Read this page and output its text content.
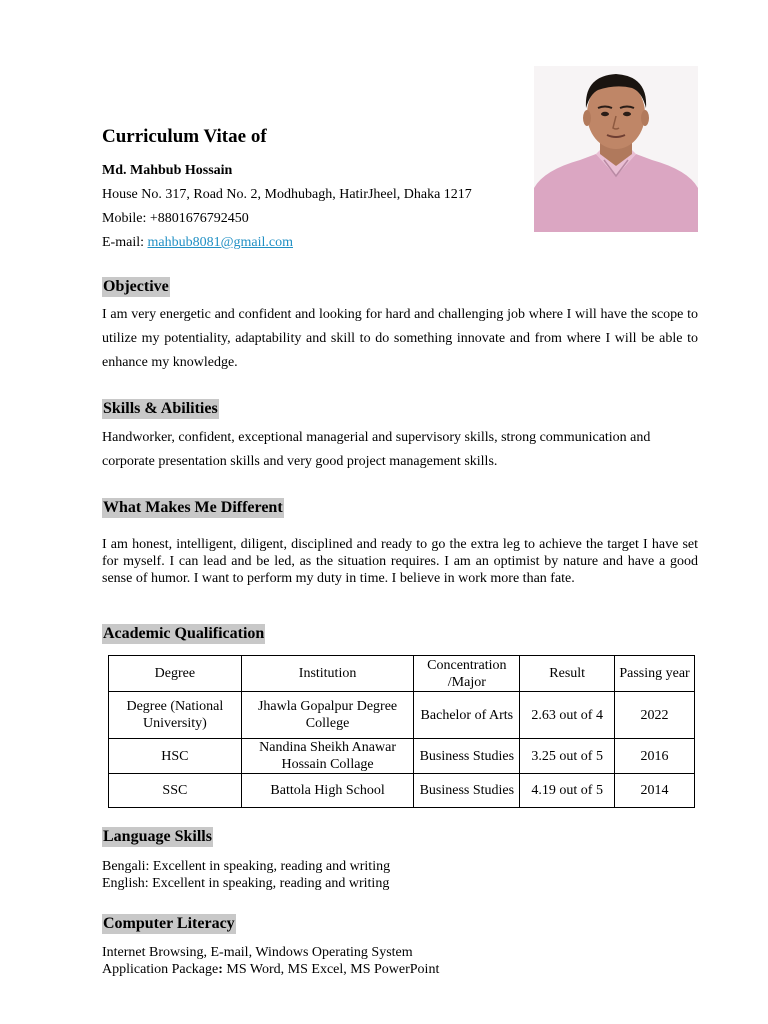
Curriculum Vitae of
Md. Mahbub Hossain
House No. 317, Road No. 2, Modhubagh, HatirJheel, Dhaka 1217
Mobile: +8801676792450
E-mail: mahbub8081@gmail.com
Objective
I am very energetic and confident and looking for hard and challenging job where I will have the scope to utilize my potentiality, adaptability and skill to do something innovate and from where I will be able to enhance my knowledge.
Skills & Abilities
Handworker, confident, exceptional managerial and supervisory skills, strong communication and corporate presentation skills and very good project management skills.
What Makes Me Different
I am honest, intelligent, diligent, disciplined and ready to go the extra leg to achieve the target I have set for myself. I can lead and be led, as the situation requires. I am an optimist by nature and have a good sense of humor. I want to perform my duty in time. I believe in work more than fate.
Academic Qualification
Degree	Institution	Concentration /Major	Result	Passing year
Degree (National University)	Jhawla Gopalpur Degree College	Bachelor of Arts	2.63 out of 4	2022
HSC	Nandina Sheikh Anawar Hossain Collage	Business Studies	3.25 out of 5	2016
SSC	Battola High School	Business Studies	4.19 out of 5	2014
Language Skills
Bengali: Excellent in speaking, reading and writing
English: Excellent in speaking, reading and writing
Computer Literacy
Internet Browsing, E-mail, Windows Operating System
Application Package: MS Word, MS Excel, MS PowerPoint
